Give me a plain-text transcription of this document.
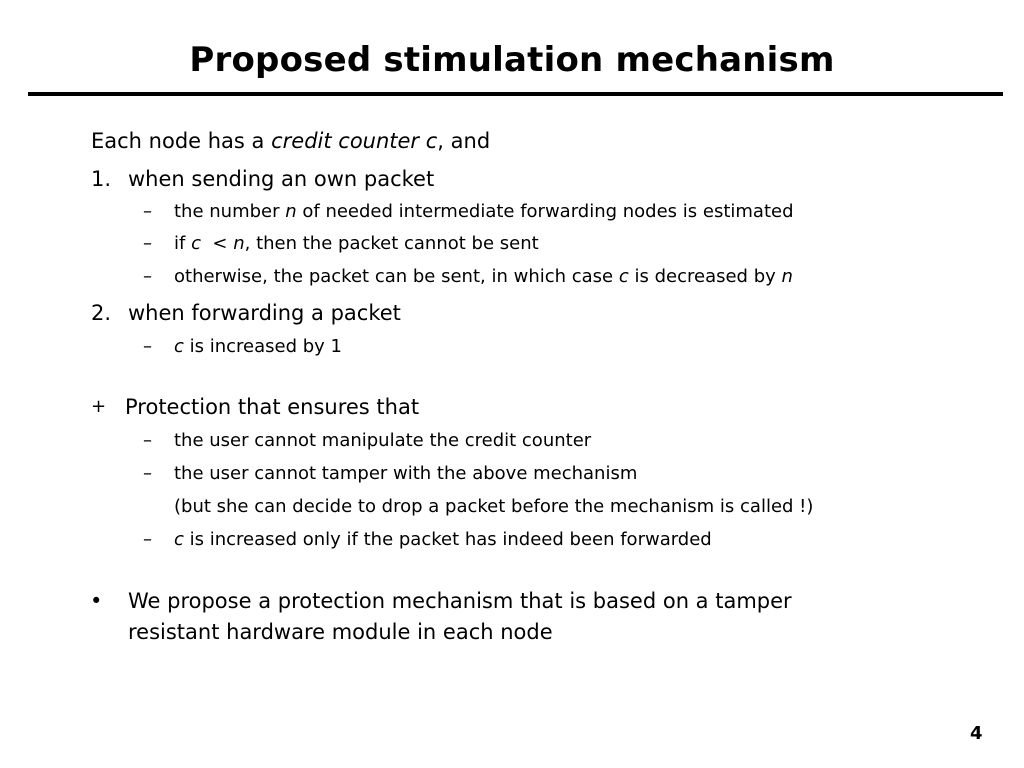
Proposed stimulation mechanism
Each node has a credit counter c, and
1. when sending an own packet
– the number n of needed intermediate forwarding nodes is estimated
– if c  < n, then the packet cannot be sent
– otherwise, the packet can be sent, in which case c is decreased by n
2. when forwarding a packet
– c is increased by 1
+ Protection that ensures that
– the user cannot manipulate the credit counter
– the user cannot tamper with the above mechanism
(but she can decide to drop a packet before the mechanism is called !)
– c is increased only if the packet has indeed been forwarded
• We propose a protection mechanism that is based on a tamper
resistant hardware module in each node
4
